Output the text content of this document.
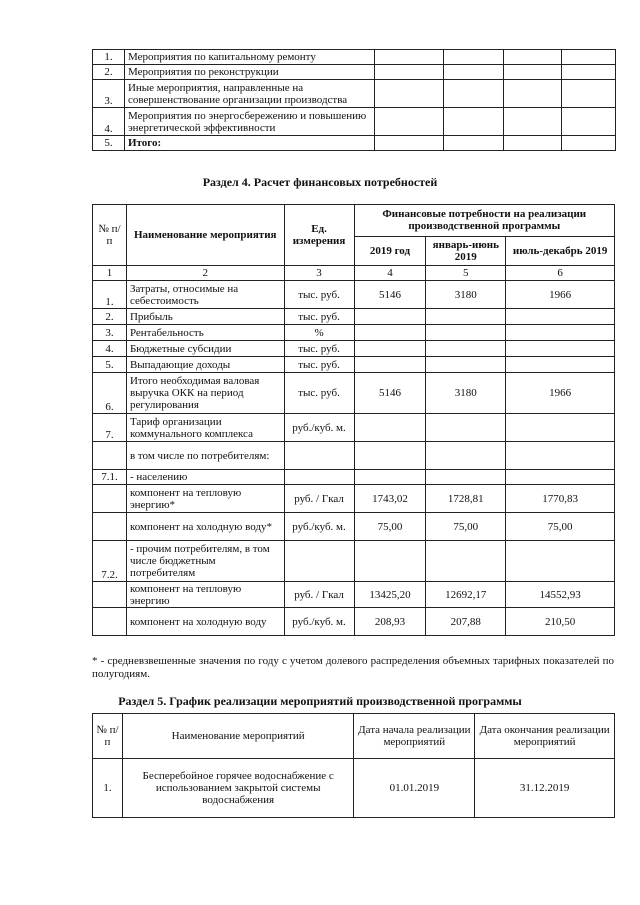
1.	Мероприятия по капитальному ремонту				
2.	Мероприятия по реконструкции				
3.	Иные мероприятия, направленные на совершенствование организации производства				
4.	Мероприятия по энергосбережению и повышению энергетической эффективности				
5.	Итого:				
Раздел 4. Расчет финансовых потребностей
№ п/п	Наименование мероприятия	Ед. измерения	Финансовые потребности на реализации производственной программы		
			2019 год	январь-июнь 2019	июль-декабрь 2019
1	2	3	4	5	6
1.	Затраты, относимые на себестоимость	тыс. руб.	5146	3180	1966
2.	Прибыль	тыс. руб.			
3.	Рентабельность	%			
4.	Бюджетные субсидии	тыс. руб.			
5.	Выпадающие доходы	тыс. руб.			
6.	Итого необходимая валовая выручка ОКК на период регулирования	тыс. руб.	5146	3180	1966
7.	Тариф организации коммунального комплекса	руб./куб. м.			
	в том числе по потребителям:				
7.1.	- населению				
	компонент на тепловую энергию*	руб. / Гкал	1743,02	1728,81	1770,83
	компонент на холодную воду*	руб./куб. м.	75,00	75,00	75,00
7.2.	- прочим потребителям, в том числе бюджетным потребителям				
	компонент на тепловую энергию	руб. / Гкал	13425,20	12692,17	14552,93
	компонент на холодную воду	руб./куб. м.	208,93	207,88	210,50
* - средневзвешенные значения по году с учетом долевого распределения объемных тарифных показателей по полугодиям.
Раздел 5. График реализации мероприятий производственной программы
№ п/п	Наименование мероприятий	Дата начала реализации мероприятий	Дата окончания реализации мероприятий
1.	Бесперебойное горячее водоснабжение с использованием закрытой системы водоснабжения	01.01.2019	31.12.2019
